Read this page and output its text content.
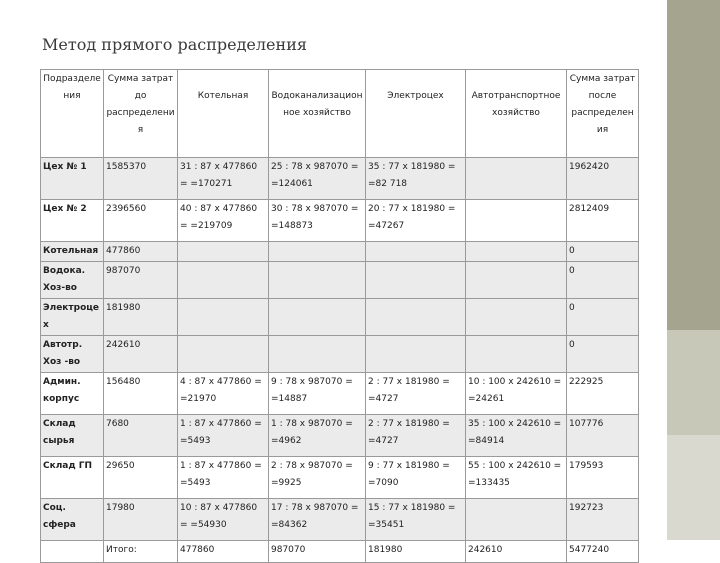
Метод прямого распределения
Подразделения	Сумма затрат до распределения	Котельная	Водоканализационное хозяйство	Электроцех	Автотранспортное хозяйство	Сумма затрат после распределения
Цех № 1	1585370	31 : 87 x 477860 = =170271	25 : 78 x 987070 = =124061	35 : 77 x 181980 = =82 718		1962420
Цех № 2	2396560	40 : 87 x 477860 = =219709	30 : 78 x 987070 = =148873	20 : 77 x 181980 = =47267		2812409
Котельная	477860					0
Водока. Хоз-во	987070					0
Электроцех	181980					0
Автотр. Хоз -во	242610					0
Админ. корпус	156480	4 : 87 x 477860 = =21970	9 : 78 x 987070 = =14887	2 : 77 x 181980 = =4727	10 : 100 x 242610 = =24261	222925
Склад сырья	7680	1 : 87 x 477860 = =5493	1 : 78 x 987070 = =4962	2 : 77 x 181980 = =4727	35 : 100 x 242610 = =84914	107776
Склад ГП	29650	1 : 87 x 477860 = =5493	2 : 78 x 987070 = =9925	9 : 77 x 181980 = =7090	55 : 100 x 242610 = =133435	179593
Соц. сфера	17980	10 : 87 x 477860 = =54930	17 : 78 x 987070 = =84362	15 : 77 x 181980 = =35451		192723
	Итого:	477860	987070	181980	242610	5477240
